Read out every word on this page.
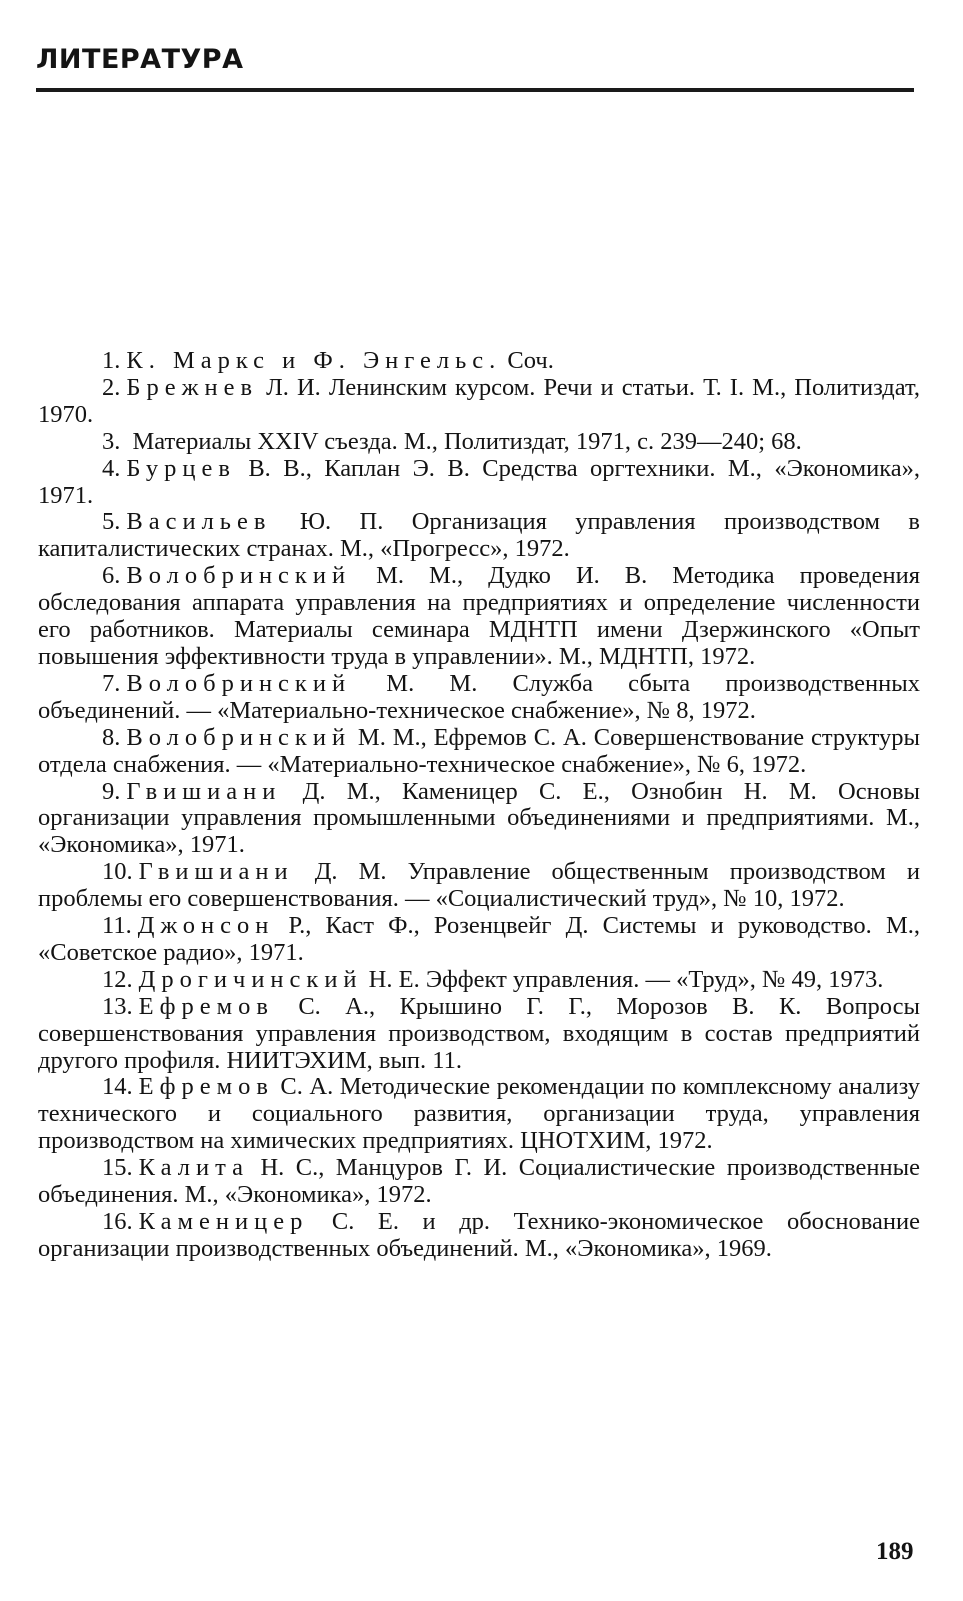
ЛИТЕРАТУРА
1. К. Маркс и Ф. Энгельс. Соч.
2. Брежнев Л. И. Ленинским курсом. Речи и статьи. Т. I. М., Политиздат, 1970.
3. Материалы XXIV съезда. М., Политиздат, 1971, с. 239—240; 68.
4. Бурцев В. В., Каплан Э. В. Средства оргтехники. М., «Экономика», 1971.
5. Васильев Ю. П. Организация управления производством в капиталистических странах. М., «Прогресс», 1972.
6. Волобринский М. М., Дудко И. В. Методика проведения обследования аппарата управления на предприятиях и определение численности его работников. Материалы семинара МДНТП имени Дзержинского «Опыт повышения эффективности труда в управлении». М., МДНТП, 1972.
7. Волобринский М. М. Служба сбыта производственных объединений. — «Материально-техническое снабжение», № 8, 1972.
8. Волобринский М. М., Ефремов С. А. Совершенствование структуры отдела снабжения. — «Материально-техническое снабжение», № 6, 1972.
9. Гвишиани Д. М., Каменицер С. Е., Ознобин Н. М. Основы организации управления промышленными объединениями и предприятиями. М., «Экономика», 1971.
10. Гвишиани Д. М. Управление общественным производством и проблемы его совершенствования. — «Социалистический труд», № 10, 1972.
11. Джонсон Р., Каст Ф., Розенцвейг Д. Системы и руководство. М., «Советское радио», 1971.
12. Дрогичинский Н. Е. Эффект управления. — «Труд», № 49, 1973.
13. Ефремов С. А., Крышино Г. Г., Морозов В. К. Вопросы совершенствования управления производством, входящим в состав предприятий другого профиля. НИИТЭХИМ, вып. 11.
14. Ефремов С. А. Методические рекомендации по комплексному анализу технического и социального развития, организации труда, управления производством на химических предприятиях. ЦНОТХИМ, 1972.
15. Калита Н. С., Манцуров Г. И. Социалистические производственные объединения. М., «Экономика», 1972.
16. Каменицер С. Е. и др. Технико-экономическое обоснование организации производственных объединений. М., «Экономика», 1969.
189
